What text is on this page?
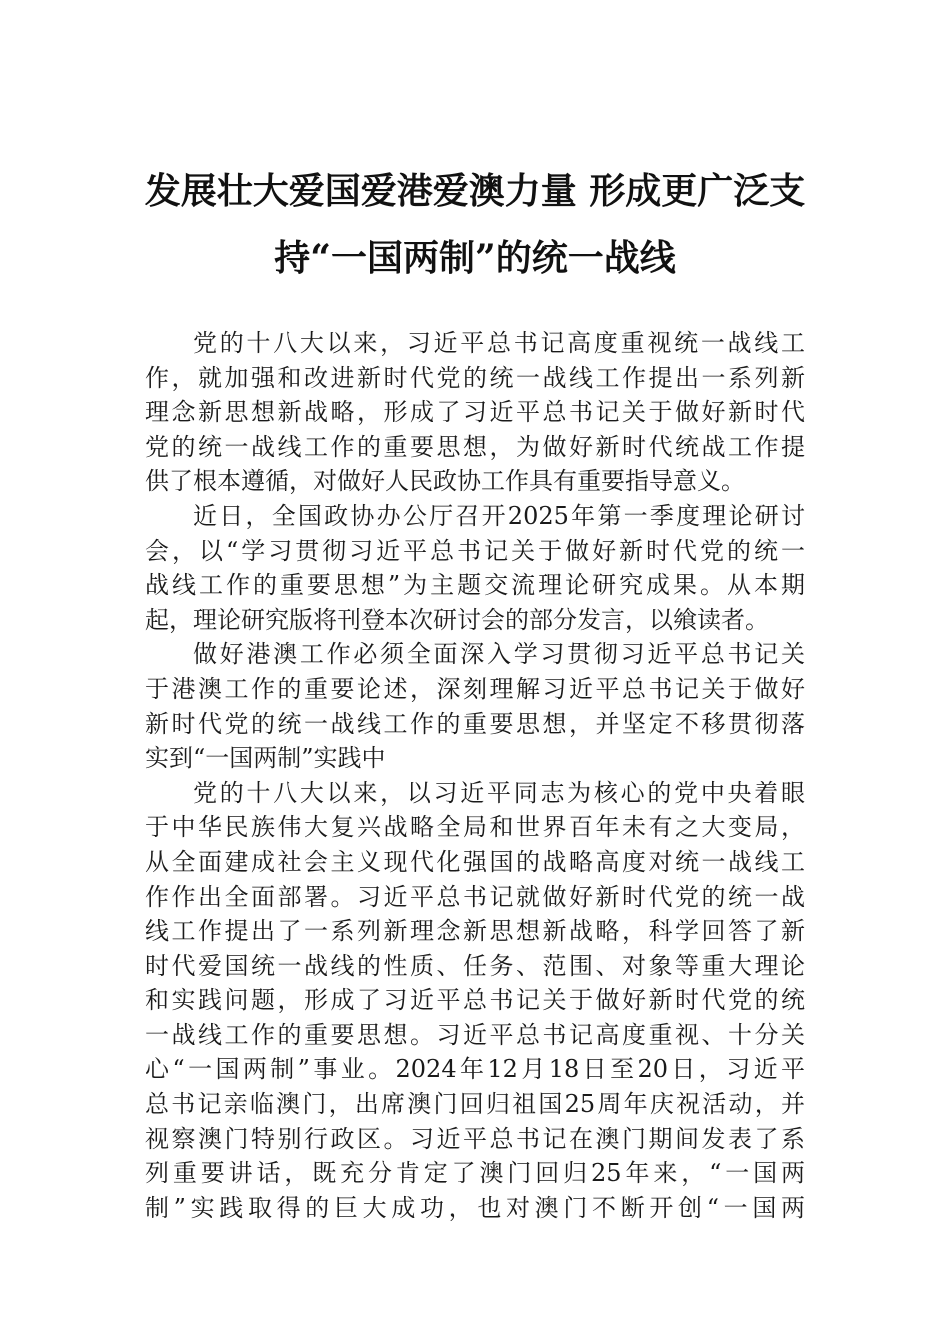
发展壮大爱国爱港爱澳力量 形成更广泛支
持“一国两制”的统一战线
党的十八大以来，习近平总书记高度重视统一战线工
作，就加强和改进新时代党的统一战线工作提出一系列新
理念新思想新战略，形成了习近平总书记关于做好新时代
党的统一战线工作的重要思想，为做好新时代统战工作提
供了根本遵循，对做好人民政协工作具有重要指导意义。
近日，全国政协办公厅召开2025年第一季度理论研讨
会，以“学习贯彻习近平总书记关于做好新时代党的统一
战线工作的重要思想”为主题交流理论研究成果。从本期
起，理论研究版将刊登本次研讨会的部分发言，以飨读者。
做好港澳工作必须全面深入学习贯彻习近平总书记关
于港澳工作的重要论述，深刻理解习近平总书记关于做好
新时代党的统一战线工作的重要思想，并坚定不移贯彻落
实到“一国两制”实践中
党的十八大以来，以习近平同志为核心的党中央着眼
于中华民族伟大复兴战略全局和世界百年未有之大变局，
从全面建成社会主义现代化强国的战略高度对统一战线工
作作出全面部署。习近平总书记就做好新时代党的统一战
线工作提出了一系列新理念新思想新战略，科学回答了新
时代爱国统一战线的性质、任务、范围、对象等重大理论
和实践问题，形成了习近平总书记关于做好新时代党的统
一战线工作的重要思想。习近平总书记高度重视、十分关
心“一国两制”事业。2024年12月18日至20日，习近平
总书记亲临澳门，出席澳门回归祖国25周年庆祝活动，并
视察澳门特别行政区。习近平总书记在澳门期间发表了系
列重要讲话，既充分肯定了澳门回归25年来，“一国两
制”实践取得的巨大成功，也对澳门不断开创“一国两
